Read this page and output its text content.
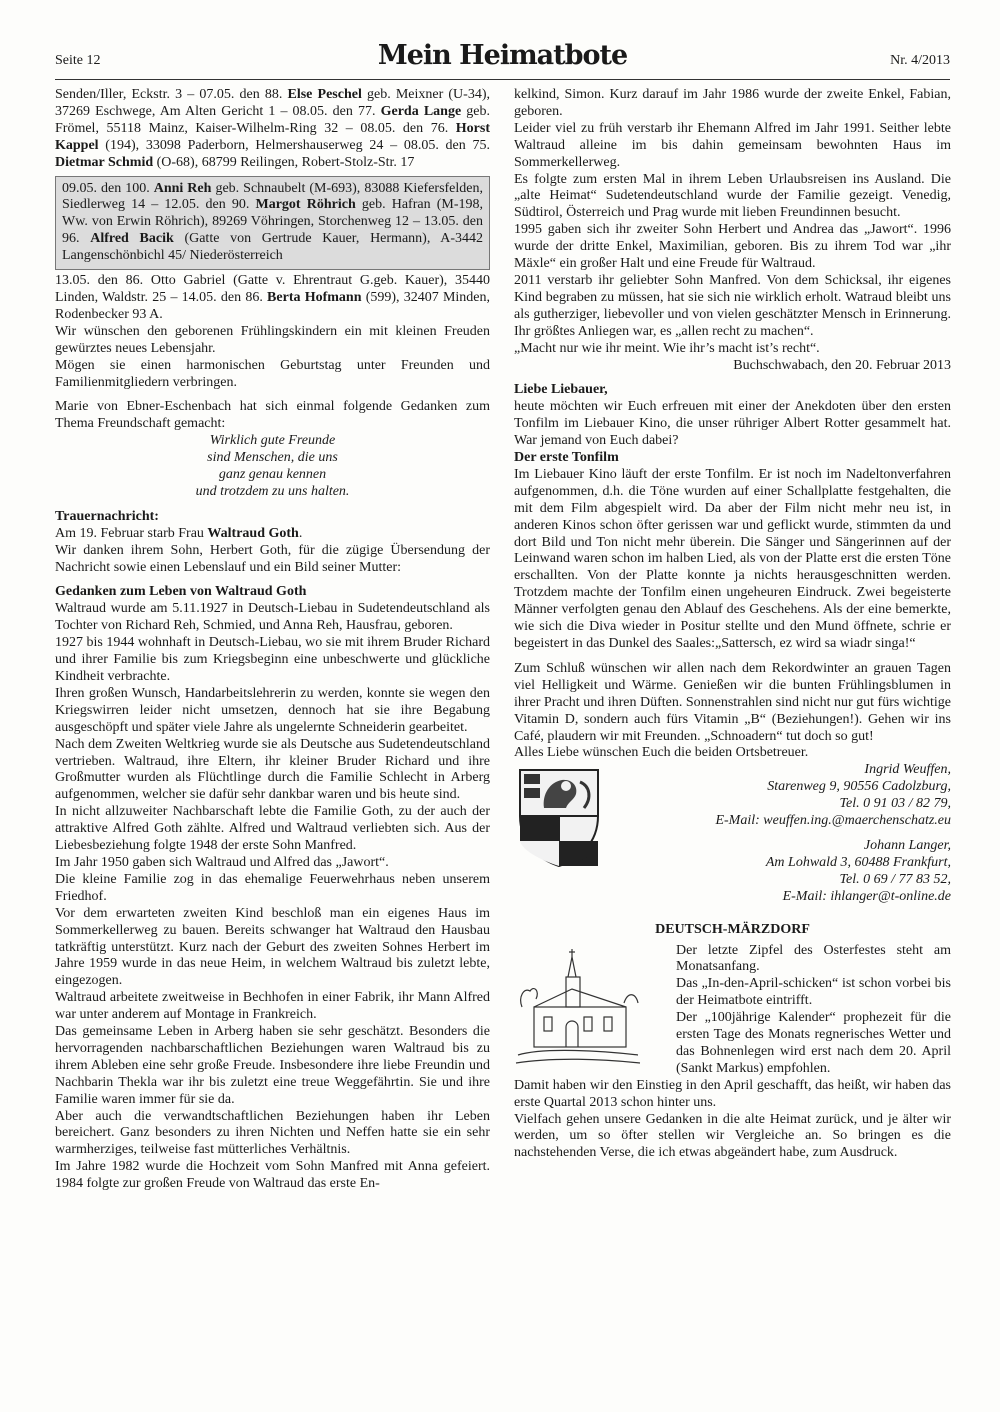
Seite 12	Mein Heimatbote	Nr. 4/2013

Senden/Iller, Eckstr. 3 – 07.05. den 88. Else Peschel geb. Meixner (U-34), 37269 Eschwege, Am Alten Gericht 1 – 08.05. den 77. Gerda Lange geb. Frömel, 55118 Mainz, Kaiser-Wilhelm-Ring 32 – 08.05. den 76. Horst Kappel (194), 33098 Paderborn, Helmershauserweg 24 – 08.05. den 75. Dietmar Schmid (O-68), 68799 Reilingen, Robert-Stolz-Str. 17

09.05. den 100. Anni Reh geb. Schnaubelt (M-693), 83088 Kiefersfelden, Siedlerweg 14 – 12.05. den 90. Margot Röhrich geb. Hafran (M-198, Ww. von Erwin Röhrich), 89269 Vöhringen, Storchenweg 12 – 13.05. den 96. Alfred Bacik (Gatte von Gertrude Kauer, Hermann), A-3442 Langenschönbichl 45/ Niederösterreich

13.05. den 86. Otto Gabriel (Gatte v. Ehrentraut G.geb. Kauer), 35440 Linden, Waldstr. 25 – 14.05. den 86. Berta Hofmann (599), 32407 Minden, Rodenbecker 93 A.

Wir wünschen den geborenen Frühlingskindern ein mit kleinen Freuden gewürztes neues Lebensjahr.

Mögen sie einen harmonischen Geburtstag unter Freunden und Familienmitgliedern verbringen.

Marie von Ebner-Eschenbach hat sich einmal folgende Gedanken zum Thema Freundschaft gemacht:

Wirklich gute Freunde
sind Menschen, die uns
ganz genau kennen
und trotzdem zu uns halten.

Trauernachricht:

Am 19. Februar starb Frau Waltraud Goth.

Wir danken ihrem Sohn, Herbert Goth, für die zügige Übersendung der Nachricht sowie einen Lebenslauf und ein Bild seiner Mutter:

Gedanken zum Leben von Waltraud Goth

Waltraud wurde am 5.11.1927 in Deutsch-Liebau in Sudetendeutschland als Tochter von Richard Reh, Schmied, und Anna Reh, Hausfrau, geboren.

1927 bis 1944 wohnhaft in Deutsch-Liebau, wo sie mit ihrem Bruder Richard und ihrer Familie bis zum Kriegsbeginn eine unbeschwerte und glückliche Kindheit verbrachte.

Ihren großen Wunsch, Handarbeitslehrerin zu werden, konnte sie wegen den Kriegswirren leider nicht umsetzen, dennoch hat sie ihre Begabung ausgeschöpft und später viele Jahre als ungelernte Schneiderin gearbeitet.

Nach dem Zweiten Weltkrieg wurde sie als Deutsche aus Sudetendeutschland vertrieben. Waltraud, ihre Eltern, ihr kleiner Bruder Richard und ihre Großmutter wurden als Flüchtlinge durch die Familie Schlecht in Arberg aufgenommen, welcher sie dafür sehr dankbar waren und bis heute sind.

In nicht allzuweiter Nachbarschaft lebte die Familie Goth, zu der auch der attraktive Alfred Goth zählte. Alfred und Waltraud verliebten sich. Aus der Liebesbeziehung folgte 1948 der erste Sohn Manfred.

Im Jahr 1950 gaben sich Waltraud und Alfred das „Jawort“.

Die kleine Familie zog in das ehemalige Feuerwehrhaus neben unserem Friedhof.

Vor dem erwarteten zweiten Kind beschloß man ein eigenes Haus im Sommerkellerweg zu bauen. Bereits schwanger hat Waltraud den Hausbau tatkräftig unterstützt. Kurz nach der Geburt des zweiten Sohnes Herbert im Jahre 1959 wurde in das neue Heim, in welchem Waltraud bis zuletzt lebte, eingezogen.

Waltraud arbeitete zweitweise in Bechhofen in einer Fabrik, ihr Mann Alfred war unter anderem auf Montage in Frankreich.

Das gemeinsame Leben in Arberg haben sie sehr geschätzt. Besonders die hervorragenden nachbarschaftlichen Beziehungen waren Waltraud bis zu ihrem Ableben eine sehr große Freude. Insbesondere ihre liebe Freundin und Nachbarin Thekla war ihr bis zuletzt eine treue Weggefährtin. Sie und ihre Familie waren immer für sie da.

Aber auch die verwandtschaftlichen Beziehungen haben ihr Leben bereichert. Ganz besonders zu ihren Nichten und Neffen hatte sie ein sehr warmherziges, teilweise fast mütterliches Verhältnis.

Im Jahre 1982 wurde die Hochzeit vom Sohn Manfred mit Anna gefeiert. 1984 folgte zur großen Freude von Waltraud das erste En-

kelkind, Simon. Kurz darauf im Jahr 1986 wurde der zweite Enkel, Fabian, geboren.

Leider viel zu früh verstarb ihr Ehemann Alfred im Jahr 1991. Seither lebte Waltraud alleine im bis dahin gemeinsam bewohnten Haus im Sommerkellerweg.

Es folgte zum ersten Mal in ihrem Leben Urlaubsreisen ins Ausland. Die „alte Heimat“ Sudetendeutschland wurde der Familie gezeigt. Venedig, Südtirol, Österreich und Prag wurde mit lieben Freundinnen besucht.

1995 gaben sich ihr zweiter Sohn Herbert und Andrea das „Jawort“. 1996 wurde der dritte Enkel, Maximilian, geboren. Bis zu ihrem Tod war „ihr Mäxle“ ein großer Halt und eine Freude für Waltraud.

2011 verstarb ihr geliebter Sohn Manfred. Von dem Schicksal, ihr eigenes Kind begraben zu müssen, hat sie sich nie wirklich erholt. Watraud bleibt uns als gutherziger, liebevoller und von vielen geschätzter Mensch in Erinnerung. Ihr größtes Anliegen war, es „allen recht zu machen“.

„Macht nur wie ihr meint. Wie ihr’s macht ist’s recht“.

Buchschwabach, den 20. Februar 2013

Liebe Liebauer,

heute möchten wir Euch erfreuen mit einer der Anekdoten über den ersten Tonfilm im Liebauer Kino, die unser rühriger Albert Rotter gesammelt hat. War jemand von Euch dabei?

Der erste Tonfilm

Im Liebauer Kino läuft der erste Tonfilm. Er ist noch im Nadeltonverfahren aufgenommen, d.h. die Töne wurden auf einer Schallplatte festgehalten, die mit dem Film abgespielt wird. Da aber der Film nicht mehr neu ist, in anderen Kinos schon öfter gerissen war und geflickt wurde, stimmten da und dort Bild und Ton nicht mehr überein. Die Sänger und Sängerinnen auf der Leinwand waren schon im halben Lied, als von der Platte erst die ersten Töne erschallten. Von der Platte konnte ja nichts herausgeschnitten werden. Trotzdem machte der Tonfilm einen ungeheuren Eindruck. Zwei begeisterte Männer verfolgten genau den Ablauf des Geschehens. Als der eine bemerkte, wie sich die Diva wieder in Positur stellte und den Mund öffnete, schrie er begeistert in das Dunkel des Saales:„Sattersch, ez wird sa wiadr singa!“

Zum Schluß wünschen wir allen nach dem Rekordwinter an grauen Tagen viel Helligkeit und Wärme. Genießen wir die bunten Frühlingsblumen in ihrer Pracht und ihren Düften. Sonnenstrahlen sind nicht nur gut fürs wichtige Vitamin D, sondern auch fürs Vitamin „B“ (Beziehungen!). Gehen wir ins Café, plaudern wir mit Freunden. „Schnoadern“ tut doch so gut!

Alles Liebe wünschen Euch die beiden Ortsbetreuer.

Ingrid Weuffen,
Starenweg 9, 90556 Cadolzburg,
Tel. 0 91 03 / 82 79,
E-Mail: weuffen.ing.@maerchenschatz.eu
Johann Langer,
Am Lohwald 3, 60488 Frankfurt,
Tel. 0 69 / 77 83 52,
E-Mail: ihlanger@t-online.de

DEUTSCH-MÄRZDORF

Der letzte Zipfel des Osterfestes steht am Monatsanfang.

Das „In-den-April-schicken“ ist schon vorbei bis der Heimatbote eintrifft.

Der „100jährige Kalender“ prophezeit für die ersten Tage des Monats regnerisches Wetter und das Bohnenlegen wird erst nach dem 20. April (Sankt Markus) empfohlen.

Damit haben wir den Einstieg in den April geschafft, das heißt, wir haben das erste Quartal 2013 schon hinter uns.

Vielfach gehen unsere Gedanken in die alte Heimat zurück, und je älter wir werden, um so öfter stellen wir Vergleiche an. So bringen es die nachstehenden Verse, die ich etwas abgeändert habe, zum Ausdruck.
